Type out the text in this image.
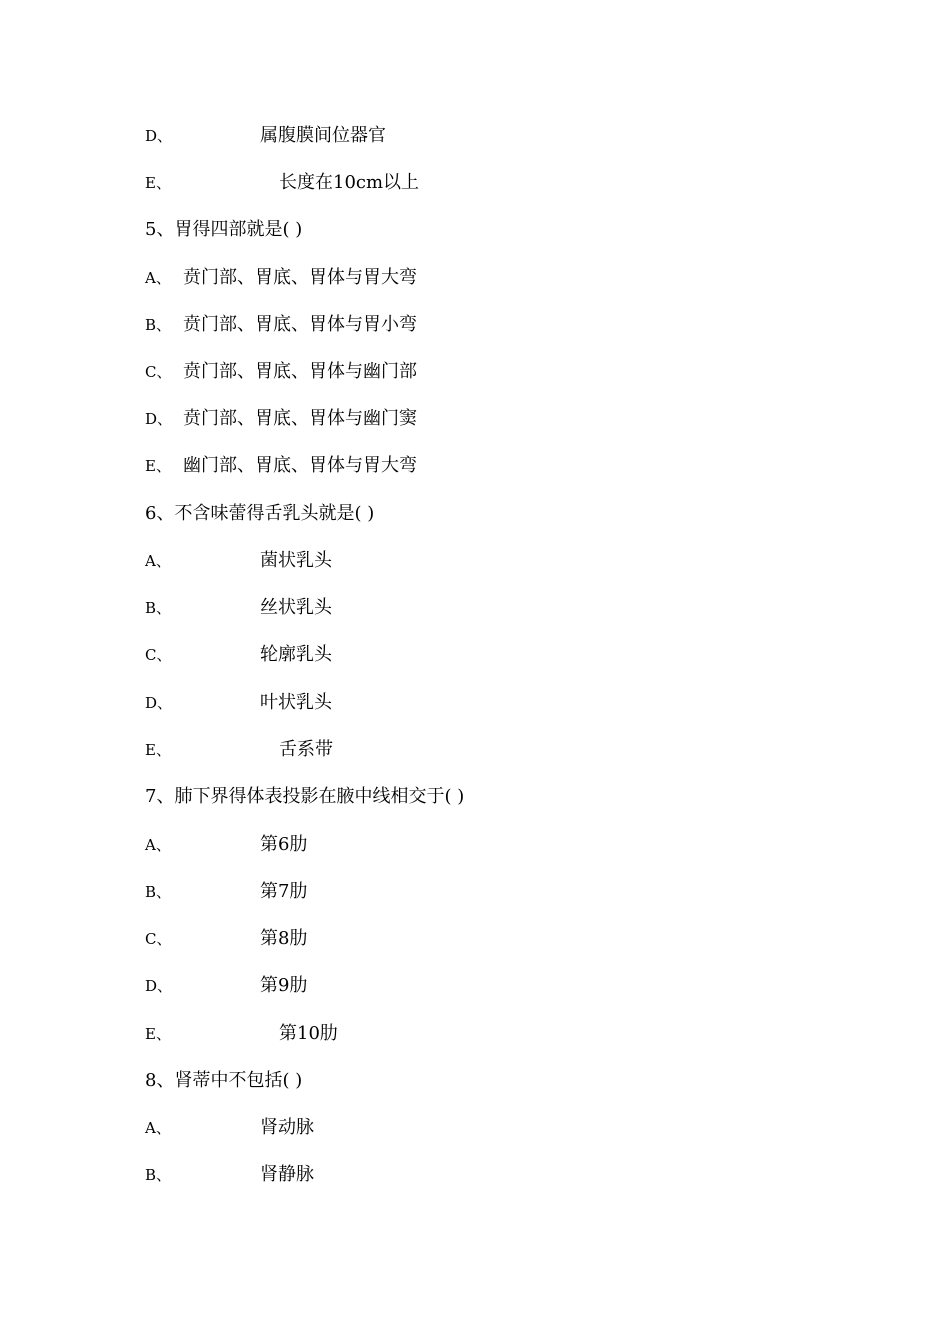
D、	属腹膜间位器官
E、	长度在10cm以上
5、胃得四部就是( )
A、 贲门部、胃底、胃体与胃大弯
B、 贲门部、胃底、胃体与胃小弯
C、 贲门部、胃底、胃体与幽门部
D、 贲门部、胃底、胃体与幽门窦
E、 幽门部、胃底、胃体与胃大弯
6、不含味蕾得舌乳头就是( )
A、	菌状乳头
B、	丝状乳头
C、	轮廓乳头
D、	叶状乳头
E、	舌系带
7、肺下界得体表投影在腋中线相交于( )
A、	第6肋
B、	第7肋
C、	第8肋
D、	第9肋
E、	第10肋
8、肾蒂中不包括( )
A、	肾动脉
B、	肾静脉
